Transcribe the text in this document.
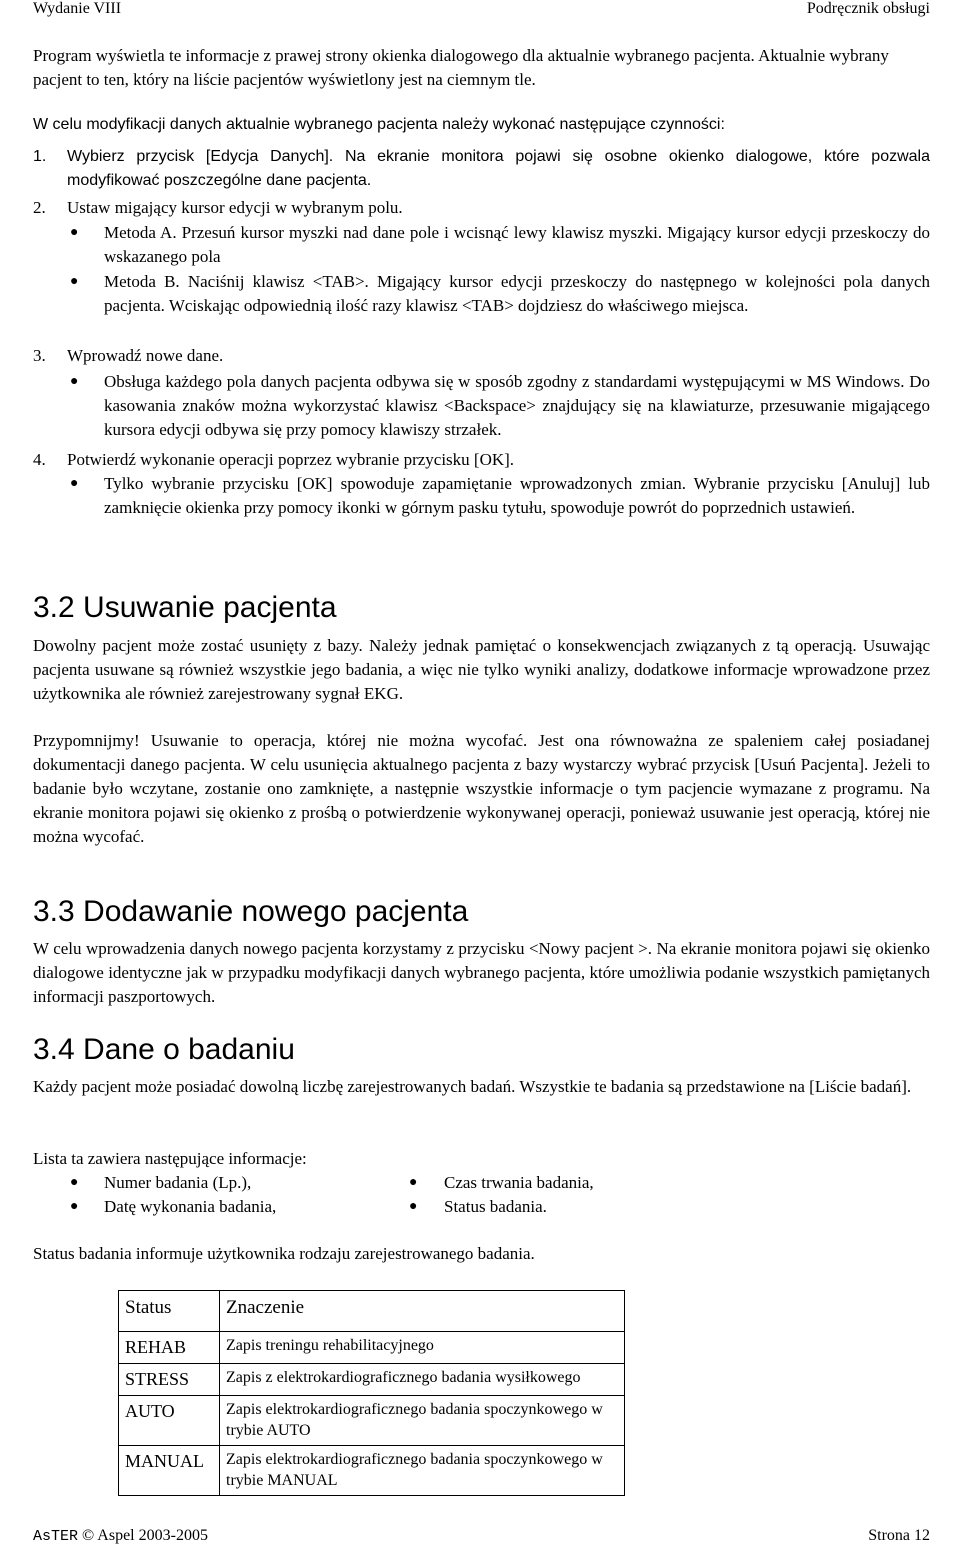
Wydanie VIII	Podręcznik obsługi
Program wyświetla te informacje z prawej strony okienka dialogowego dla aktualnie wybranego pacjenta. Aktualnie wybrany pacjent to ten, który na liście pacjentów wyświetlony jest na ciemnym tle.
W celu modyfikacji danych aktualnie wybranego pacjenta należy wykonać następujące czynności:
1. Wybierz przycisk [Edycja Danych]. Na ekranie monitora pojawi się osobne okienko dialogowe, które pozwala modyfikować poszczególne dane pacjenta.
2. Ustaw migający kursor edycji w wybranym polu.
● Metoda A. Przesuń kursor myszki nad dane pole i wcisnąć lewy klawisz myszki. Migający kursor edycji przeskoczy do wskazanego pola
● Metoda B. Naciśnij klawisz <TAB>. Migający kursor edycji przeskoczy do następnego w kolejności pola danych pacjenta. Wciskając odpowiednią ilość razy klawisz <TAB> dojdziesz do właściwego miejsca.
3. Wprowadź nowe dane.
● Obsługa każdego pola danych pacjenta odbywa się w sposób zgodny z standardami występującymi w MS Windows. Do kasowania znaków można wykorzystać klawisz <Backspace> znajdujący się na klawiaturze, przesuwanie migającego kursora edycji odbywa się przy pomocy klawiszy strzałek.
4. Potwierdź wykonanie operacji poprzez wybranie przycisku [OK].
● Tylko wybranie przycisku [OK] spowoduje zapamiętanie wprowadzonych zmian. Wybranie przycisku [Anuluj] lub zamknięcie okienka przy pomocy ikonki w górnym pasku tytułu, spowoduje powrót do poprzednich ustawień.
3.2 Usuwanie pacjenta
Dowolny pacjent może zostać usunięty z bazy. Należy jednak pamiętać o konsekwencjach związanych z tą operacją. Usuwając pacjenta usuwane są również wszystkie jego badania, a więc nie tylko wyniki analizy, dodatkowe informacje wprowadzone przez użytkownika ale również zarejestrowany sygnał EKG.
Przypomnijmy! Usuwanie to operacja, której nie można wycofać. Jest ona równoważna ze spaleniem całej posiadanej dokumentacji danego pacjenta. W celu usunięcia aktualnego pacjenta z bazy wystarczy wybrać przycisk [Usuń Pacjenta]. Jeżeli to badanie było wczytane, zostanie ono zamknięte, a następnie wszystkie informacje o tym pacjencie wymazane z programu. Na ekranie monitora pojawi się okienko z prośbą o potwierdzenie wykonywanej operacji, ponieważ usuwanie jest operacją, której nie można wycofać.
3.3 Dodawanie nowego pacjenta
W celu wprowadzenia danych nowego pacjenta korzystamy z przycisku <Nowy pacjent >. Na ekranie monitora pojawi się okienko dialogowe identyczne jak w przypadku modyfikacji danych wybranego pacjenta, które umożliwia podanie wszystkich pamiętanych informacji paszportowych.
3.4 Dane o badaniu
Każdy pacjent może posiadać dowolną liczbę zarejestrowanych badań. Wszystkie te badania są przedstawione na [Liście badań].
Lista ta zawiera następujące informacje:
● Numer badania (Lp.),
● Datę wykonania badania,
● Czas trwania badania,
● Status badania.
Status badania informuje użytkownika rodzaju zarejestrowanego badania.
Status	Znaczenie
REHAB	Zapis treningu rehabilitacyjnego
STRESS	Zapis z elektrokardiograficznego badania wysiłkowego
AUTO	Zapis elektrokardiograficznego badania spoczynkowego w trybie AUTO
MANUAL	Zapis elektrokardiograficznego badania spoczynkowego w trybie MANUAL
AsTER © Aspel 2003-2005	Strona 12
